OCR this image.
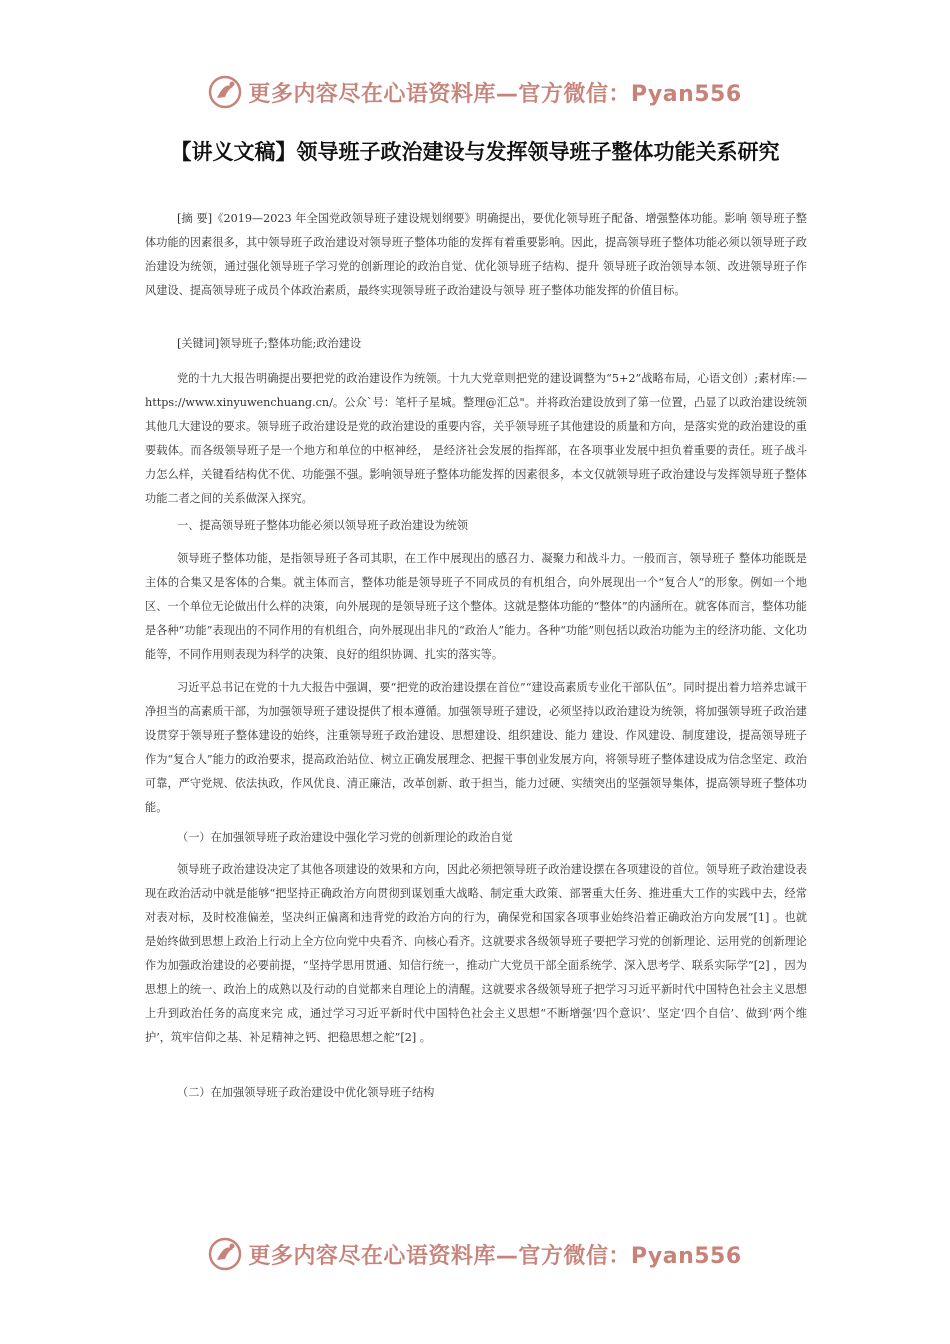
更多内容尽在心语资料库—官方微信：Pyan556
【讲义文稿】领导班子政治建设与发挥领导班子整体功能关系研究

[摘 要]《2019—2023 年全国党政领导班子建设规划纲要》明确提出，要优化领导班子配备、增强整体功能。影响 领导班子整体功能的因素很多，其中领导班子政治建设对领导班子整体功能的发挥有着重要影响。因此，提高领导班子整体功能必须以领导班子政治建设为统领，通过强化领导班子学习党的创新理论的政治自觉、优化领导班子结构、提升 领导班子政治领导本领、改进领导班子作风建设、提高领导班子成员个体政治素质，最终实现领导班子政治建设与领导 班子整体功能发挥的价值目标。

[关键词]领导班子;整体功能;政治建设

党的十九大报告明确提出要把党的政治建设作为统领。十九大党章则把党的建设调整为“5+2”战略布局，心语文创）;素材库:—https://www.xinyuwenchuang.cn/。公众`号：笔杆子星城。整理@汇总"。并将政治建设放到了第一位置，凸显了以政治建设统领其他几大建设的要求。领导班子政治建设是党的政治建设的重要内容，关乎领导班子其他建设的质量和方向，是落实党的政治建设的重要载体。而各级领导班子是一个地方和单位的中枢神经， 是经济社会发展的指挥部，在各项事业发展中担负着重要的责任。班子战斗力怎么样，关键看结构优不优、功能强不强。影响领导班子整体功能发挥的因素很多，本文仅就领导班子政治建设与发挥领导班子整体功能二者之间的关系做深入探究。

一、提高领导班子整体功能必须以领导班子政治建设为统领

领导班子整体功能，是指领导班子各司其职，在工作中展现出的感召力、凝聚力和战斗力。一般而言，领导班子 整体功能既是主体的合集又是客体的合集。就主体而言，整体功能是领导班子不同成员的有机组合，向外展现出一个“复合人”的形象。例如一个地区、一个单位无论做出什么样的决策，向外展现的是领导班子这个整体。这就是整体功能的“整体”的内涵所在。就客体而言，整体功能是各种“功能”表现出的不同作用的有机组合，向外展现出非凡的“政治人”能力。各种“功能”则包括以政治功能为主的经济功能、文化功能等，不同作用则表现为科学的决策、良好的组织协调、扎实的落实等。

习近平总书记在党的十九大报告中强调，要“把党的政治建设摆在首位”“建设高素质专业化干部队伍”。同时提出着力培养忠诚干净担当的高素质干部，为加强领导班子建设提供了根本遵循。加强领导班子建设，必须坚持以政治建设为统领，将加强领导班子政治建设贯穿于领导班子整体建设的始终，注重领导班子政治建设、思想建设、组织建设、能力 建设、作风建设、制度建设，提高领导班子作为“复合人”能力的政治要求，提高政治站位、树立正确发展理念、把握干事创业发展方向，将领导班子整体建设成为信念坚定、政治可靠，严守党规、依法执政，作风优良、清正廉洁，改革创新、敢于担当，能力过硬、实绩突出的坚强领导集体，提高领导班子整体功能。

（一）在加强领导班子政治建设中强化学习党的创新理论的政治自觉

领导班子政治建设决定了其他各项建设的效果和方向，因此必须把领导班子政治建设摆在各项建设的首位。领导班子政治建设表现在政治活动中就是能够“把坚持正确政治方向贯彻到谋划重大战略、制定重大政策、部署重大任务、推进重大工作的实践中去，经常对表对标，及时校准偏差，坚决纠正偏离和违背党的政治方向的行为，确保党和国家各项事业始终沿着正确政治方向发展”[1] 。也就是始终做到思想上政治上行动上全方位向党中央看齐、向核心看齐。这就要求各级领导班子要把学习党的创新理论、运用党的创新理论作为加强政治建设的必要前提，“坚持学思用贯通、知信行统一，推动广大党员干部全面系统学、深入思考学、联系实际学”[2] ，因为思想上的统一、政治上的成熟以及行动的自觉都来自理论上的清醒。这就要求各级领导班子把学习习近平新时代中国特色社会主义思想上升到政治任务的高度来完 成，通过学习习近平新时代中国特色社会主义思想“不断增强‘四个意识’、坚定‘四个自信’、做到‘两个维护’，筑牢信仰之基、补足精神之钙、把稳思想之舵”[2] 。

（二）在加强领导班子政治建设中优化领导班子结构

更多内容尽在心语资料库—官方微信：Pyan556
